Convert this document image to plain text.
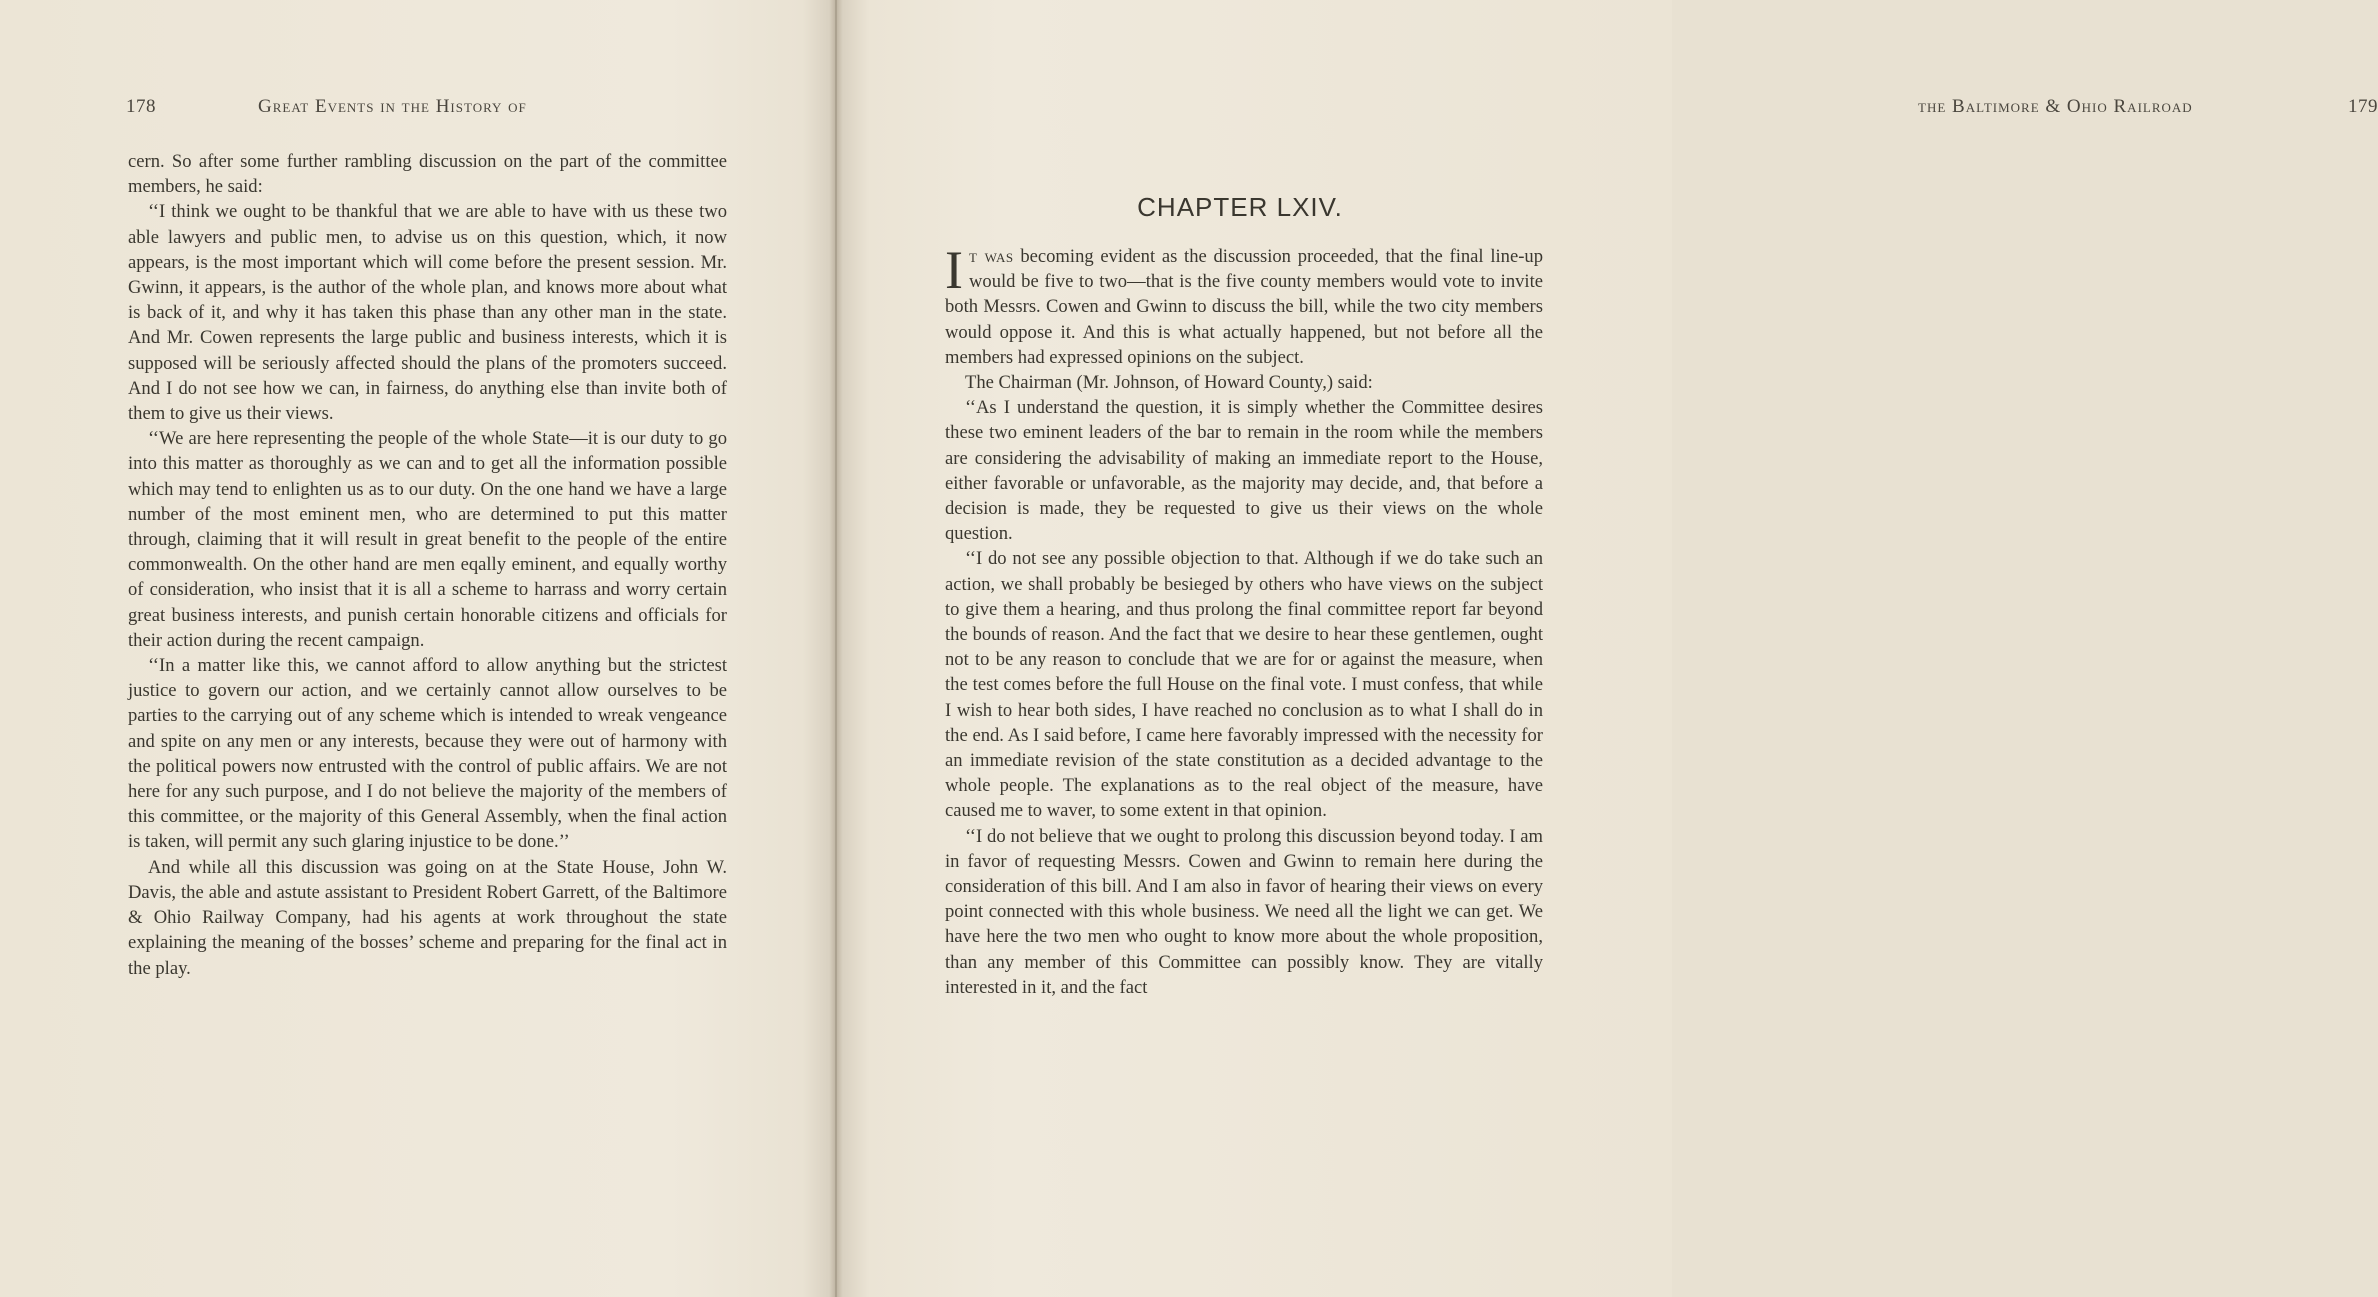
178	Great Events in the History of

cern. So after some further rambling discussion on the part of the committee members, he said:

‘‘I think we ought to be thankful that we are able to have with us these two able lawyers and public men, to advise us on this question, which, it now appears, is the most important which will come before the present session. Mr. Gwinn, it appears, is the author of the whole plan, and knows more about what is back of it, and why it has taken this phase than any other man in the state. And Mr. Cowen represents the large public and business interests, which it is supposed will be seriously affected should the plans of the promoters succeed. And I do not see how we can, in fairness, do anything else than invite both of them to give us their views.

‘‘We are here representing the people of the whole State—it is our duty to go into this matter as thoroughly as we can and to get all the information possible which may tend to enlighten us as to our duty. On the one hand we have a large number of the most eminent men, who are determined to put this matter through, claiming that it will result in great benefit to the people of the entire commonwealth. On the other hand are men eqally eminent, and equally worthy of consideration, who insist that it is all a scheme to harrass and worry certain great business interests, and punish certain honorable citizens and officials for their action during the recent campaign.

‘‘In a matter like this, we cannot afford to allow anything but the strictest justice to govern our action, and we certainly cannot allow ourselves to be parties to the carrying out of any scheme which is intended to wreak vengeance and spite on any men or any interests, because they were out of harmony with the political powers now entrusted with the control of public affairs. We are not here for any such purpose, and I do not believe the majority of the members of this committee, or the majority of this General Assembly, when the final action is taken, will permit any such glaring injustice to be done.’’

And while all this discussion was going on at the State House, John W. Davis, the able and astute assistant to President Robert Garrett, of the Baltimore & Ohio Railway Company, had his agents at work throughout the state explaining the meaning of the bosses’ scheme and preparing for the final act in the play.

the Baltimore & Ohio Railroad	179
CHAPTER LXIV.

It was becoming evident as the discussion proceeded, that the final line-up would be five to two—that is the five county members would vote to invite both Messrs. Cowen and Gwinn to discuss the bill, while the two city members would oppose it. And this is what actually happened, but not before all the members had expressed opinions on the subject.

The Chairman (Mr. Johnson, of Howard County,) said:

‘‘As I understand the question, it is simply whether the Committee desires these two eminent leaders of the bar to remain in the room while the members are considering the advisability of making an immediate report to the House, either favorable or unfavorable, as the majority may decide, and, that before a decision is made, they be requested to give us their views on the whole question.

‘‘I do not see any possible objection to that. Although if we do take such an action, we shall probably be besieged by others who have views on the subject to give them a hearing, and thus prolong the final committee report far beyond the bounds of reason. And the fact that we desire to hear these gentlemen, ought not to be any reason to conclude that we are for or against the measure, when the test comes before the full House on the final vote. I must confess, that while I wish to hear both sides, I have reached no conclusion as to what I shall do in the end. As I said before, I came here favorably impressed with the necessity for an immediate revision of the state constitution as a decided advantage to the whole people. The explanations as to the real object of the measure, have caused me to waver, to some extent in that opinion.

‘‘I do not believe that we ought to prolong this discussion beyond today. I am in favor of requesting Messrs. Cowen and Gwinn to remain here during the consideration of this bill. And I am also in favor of hearing their views on every point connected with this whole business. We need all the light we can get. We have here the two men who ought to know more about the whole proposition, than any member of this Committee can possibly know. They are vitally interested in it, and the fact
